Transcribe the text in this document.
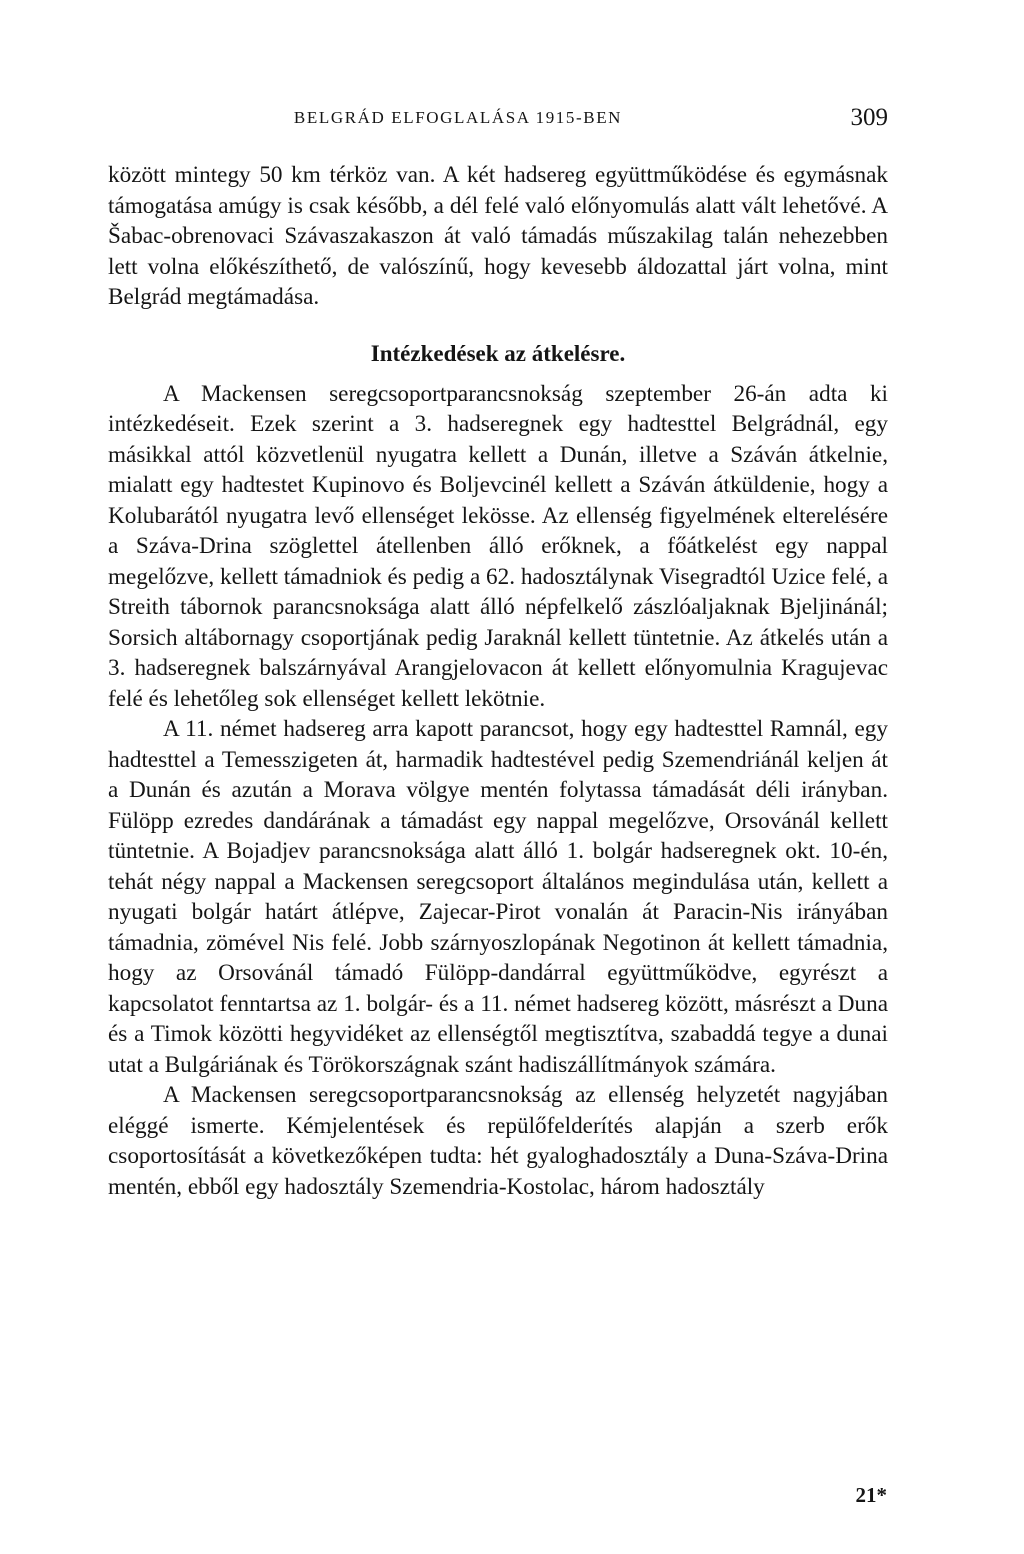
BELGRÁD ELFOGLALÁSA 1915-BEN	309

között mintegy 50 km térköz van. A két hadsereg együttműködése és egymásnak támogatása amúgy is csak később, a dél felé való előnyomulás alatt vált lehetővé. A Šabac-obrenovaci Szávaszakaszon át való támadás műszakilag talán nehezebben lett volna előkészíthető, de valószínű, hogy kevesebb áldozattal járt volna, mint Belgrád megtámadása.

Intézkedések az átkelésre.

A Mackensen seregcsoportparancsnokság szeptember 26-án adta ki intézkedéseit. Ezek szerint a 3. hadseregnek egy hadtesttel Belgrádnál, egy másikkal attól közvetlenül nyugatra kellett a Dunán, illetve a Száván átkelnie, mialatt egy hadtestet Kupinovo és Boljevcinél kellett a Száván átküldenie, hogy a Kolubarától nyugatra levő ellenséget lekösse. Az ellenség figyelmének elterelésére a Száva-Drina szöglettel átellenben álló erőknek, a főátkelést egy nappal megelőzve, kellett támadniok és pedig a 62. hadosztálynak Visegradtól Uzice felé, a Streith tábornok parancsnoksága alatt álló népfelkelő zászlóaljaknak Bjeljinánál; Sorsich altábornagy csoportjának pedig Jaraknál kellett tüntetnie. Az átkelés után a 3. hadseregnek balszárnyával Arangjelovacon át kellett előnyomulnia Kragujevac felé és lehetőleg sok ellenséget kellett lekötnie.

A 11. német hadsereg arra kapott parancsot, hogy egy hadtesttel Ramnál, egy hadtesttel a Temesszigeten át, harmadik hadtestével pedig Szemendriánál keljen át a Dunán és azután a Morava völgye mentén folytassa támadását déli irányban. Fülöpp ezredes dandárának a támadást egy nappal megelőzve, Orsovánál kellett tüntetnie. A Bojadjev parancsnoksága alatt álló 1. bolgár hadseregnek okt. 10-én, tehát négy nappal a Mackensen seregcsoport általános megindulása után, kellett a nyugati bolgár határt átlépve, Zajecar-Pirot vonalán át Paracin-Nis irányában támadnia, zömével Nis felé. Jobb szárnyoszlopának Negotinon át kellett támadnia, hogy az Orsovánál támadó Fülöpp-dandárral együttműködve, egyrészt a kapcsolatot fenntartsa az 1. bolgár- és a 11. német hadsereg között, másrészt a Duna és a Timok közötti hegyvidéket az ellenségtől megtisztítva, szabaddá tegye a dunai utat a Bulgáriának és Törökországnak szánt hadiszállítmányok számára.

A Mackensen seregcsoportparancsnokság az ellenség helyzetét nagyjában eléggé ismerte. Kémjelentések és repülőfelderítés alapján a szerb erők csoportosítását a következőképen tudta: hét gyaloghadosztály a Duna-Száva-Drina mentén, ebből egy hadosztály Szemendria-Kostolac, három hadosztály

21*
